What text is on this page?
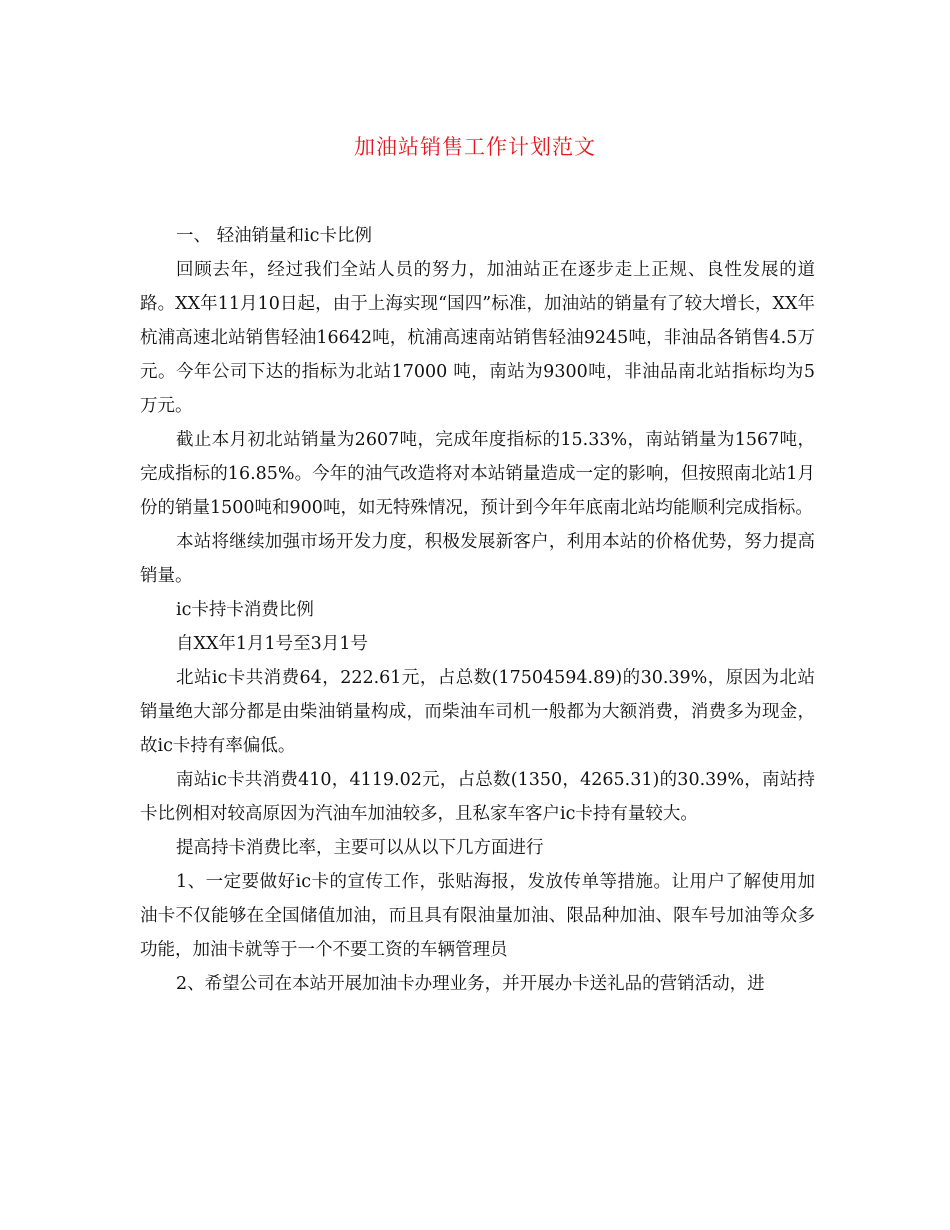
加油站销售工作计划范文

一、 轻油销量和ic卡比例

回顾去年，经过我们全站人员的努力，加油站正在逐步走上正规、良性发展的道路。XX年11月10日起，由于上海实现“国四”标准，加油站的销量有了较大增长，XX年杭浦高速北站销售轻油16642吨，杭浦高速南站销售轻油9245吨，非油品各销售4.5万元。今年公司下达的指标为北站17000 吨，南站为9300吨，非油品南北站指标均为5万元。

截止本月初北站销量为2607吨，完成年度指标的15.33%，南站销量为1567吨，完成指标的16.85%。今年的油气改造将对本站销量造成一定的影响，但按照南北站1月份的销量1500吨和900吨，如无特殊情况，预计到今年年底南北站均能顺利完成指标。

本站将继续加强市场开发力度，积极发展新客户，利用本站的价格优势，努力提高销量。

ic卡持卡消费比例

自XX年1月1号至3月1号

北站ic卡共消费64，222.61元，占总数(17504594.89)的30.39%，原因为北站销量绝大部分都是由柴油销量构成，而柴油车司机一般都为大额消费，消费多为现金，故ic卡持有率偏低。

南站ic卡共消费410，4119.02元，占总数(1350，4265.31)的30.39%，南站持卡比例相对较高原因为汽油车加油较多，且私家车客户ic卡持有量较大。

提高持卡消费比率，主要可以从以下几方面进行

1、一定要做好ic卡的宣传工作，张贴海报，发放传单等措施。让用户了解使用加油卡不仅能够在全国储值加油，而且具有限油量加油、限品种加油、限车号加油等众多功能，加油卡就等于一个不要工资的车辆管理员

2、希望公司在本站开展加油卡办理业务，并开展办卡送礼品的营销活动，进
